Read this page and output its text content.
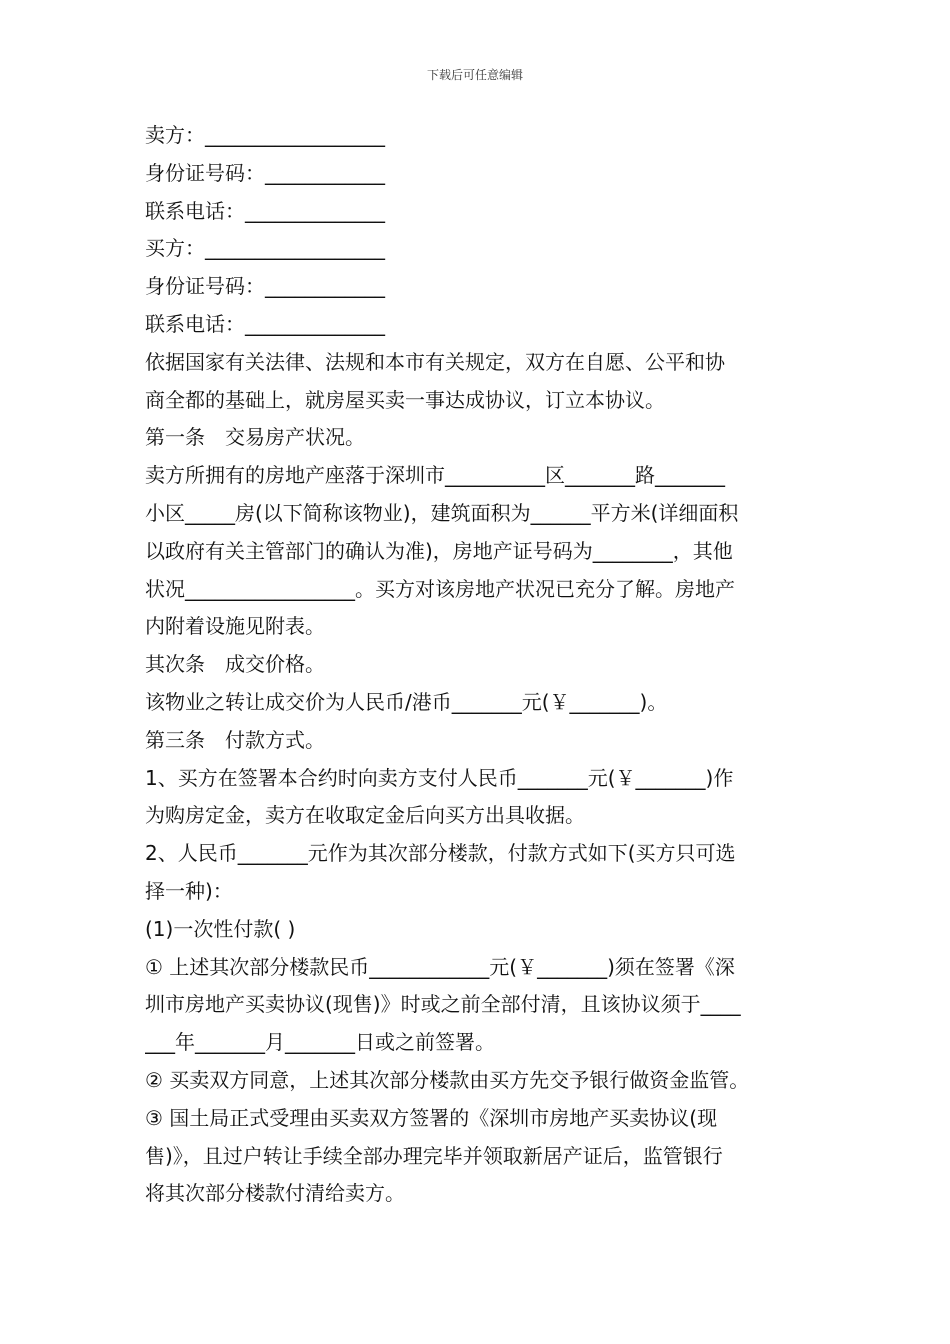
下载后可任意编辑
卖方：__________________
身份证号码：____________
联系电话：______________
买方：__________________
身份证号码：____________
联系电话：______________
依据国家有关法律、法规和本市有关规定，双方在自愿、公平和协
商全都的基础上，就房屋买卖一事达成协议，订立本协议。
第一条　交易房产状况。
卖方所拥有的房地产座落于深圳市__________区_______路_______
小区_____房(以下简称该物业)，建筑面积为______平方米(详细面积
以政府有关主管部门的确认为准)，房地产证号码为________，其他
状况_________________。买方对该房地产状况已充分了解。房地产
内附着设施见附表。
其次条　成交价格。
该物业之转让成交价为人民币/港币_______元(￥_______)。
第三条　付款方式。
1、买方在签署本合约时向卖方支付人民币_______元(￥_______)作
为购房定金，卖方在收取定金后向买方出具收据。
2、人民币_______元作为其次部分楼款，付款方式如下(买方只可选
择一种)：
(1)一次性付款( )
① 上述其次部分楼款民币____________元(￥_______)须在签署《深
圳市房地产买卖协议(现售)》时或之前全部付清，且该协议须于____
___年_______月_______日或之前签署。
② 买卖双方同意，上述其次部分楼款由买方先交予银行做资金监管。
③ 国土局正式受理由买卖双方签署的《深圳市房地产买卖协议(现
售)》，且过户转让手续全部办理完毕并领取新居产证后，监管银行
将其次部分楼款付清给卖方。
